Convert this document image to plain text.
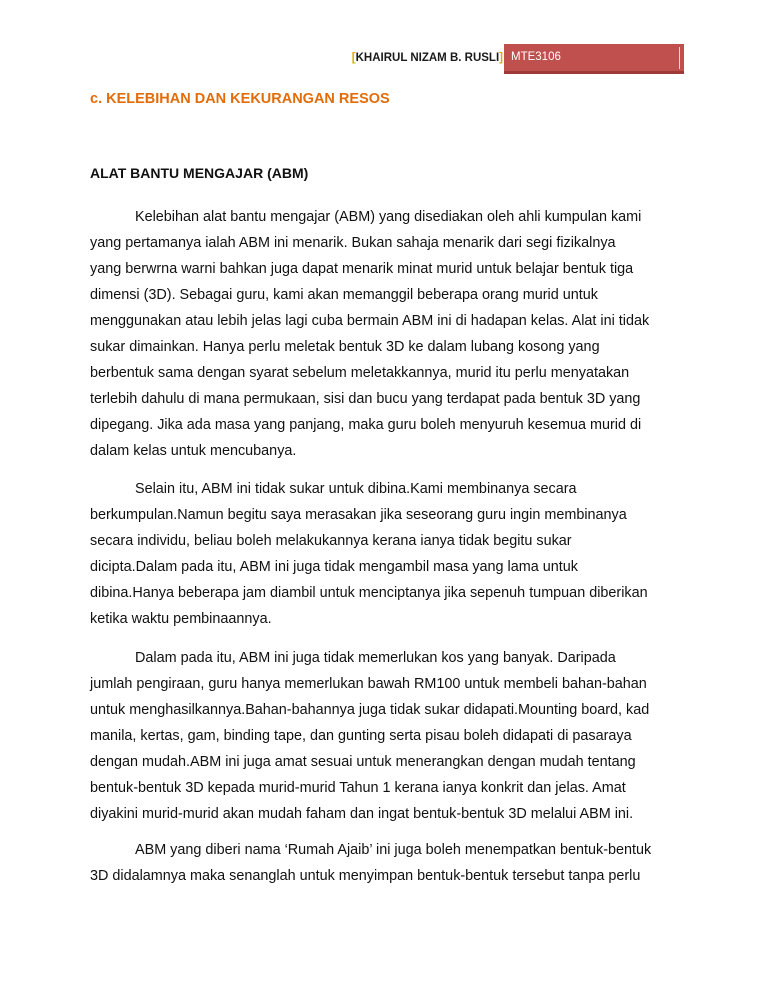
[KHAIRUL NIZAM B. RUSLI] MTE3106
c. KELEBIHAN DAN KEKURANGAN RESOS
ALAT BANTU MENGAJAR (ABM)
Kelebihan alat bantu mengajar (ABM) yang disediakan oleh ahli kumpulan kami
yang pertamanya ialah ABM ini menarik. Bukan sahaja menarik dari segi fizikalnya
yang berwrna warni bahkan juga dapat menarik minat murid untuk belajar bentuk tiga
dimensi (3D). Sebagai guru, kami akan memanggil beberapa orang murid untuk
menggunakan atau lebih jelas lagi cuba bermain ABM ini di hadapan kelas. Alat ini tidak
sukar dimainkan. Hanya perlu meletak bentuk 3D ke dalam lubang kosong yang
berbentuk sama dengan syarat sebelum meletakkannya, murid itu perlu menyatakan
terlebih dahulu di mana permukaan, sisi dan bucu yang terdapat pada bentuk 3D yang
dipegang. Jika ada masa yang panjang, maka guru boleh menyuruh kesemua murid di
dalam kelas untuk mencubanya.
Selain itu, ABM ini tidak sukar untuk dibina.Kami membinanya secara
berkumpulan.Namun begitu saya merasakan jika seseorang guru ingin membinanya
secara individu, beliau boleh melakukannya kerana ianya tidak begitu sukar
dicipta.Dalam pada itu, ABM ini juga tidak mengambil masa yang lama untuk
dibina.Hanya beberapa jam diambil untuk menciptanya jika sepenuh tumpuan diberikan
ketika waktu pembinaannya.
Dalam pada itu, ABM ini juga tidak memerlukan kos yang banyak. Daripada
jumlah pengiraan, guru hanya memerlukan bawah RM100 untuk membeli bahan-bahan
untuk menghasilkannya.Bahan-bahannya juga tidak sukar didapati.Mounting board, kad
manila, kertas, gam, binding tape, dan gunting serta pisau boleh didapati di pasaraya
dengan mudah.ABM ini juga amat sesuai untuk menerangkan dengan mudah tentang
bentuk-bentuk 3D kepada murid-murid Tahun 1 kerana ianya konkrit dan jelas. Amat
diyakini murid-murid akan mudah faham dan ingat bentuk-bentuk 3D melalui ABM ini.
ABM yang diberi nama ‘Rumah Ajaib’ ini juga boleh menempatkan bentuk-bentuk
3D didalamnya maka senanglah untuk menyimpan bentuk-bentuk tersebut tanpa perlu
